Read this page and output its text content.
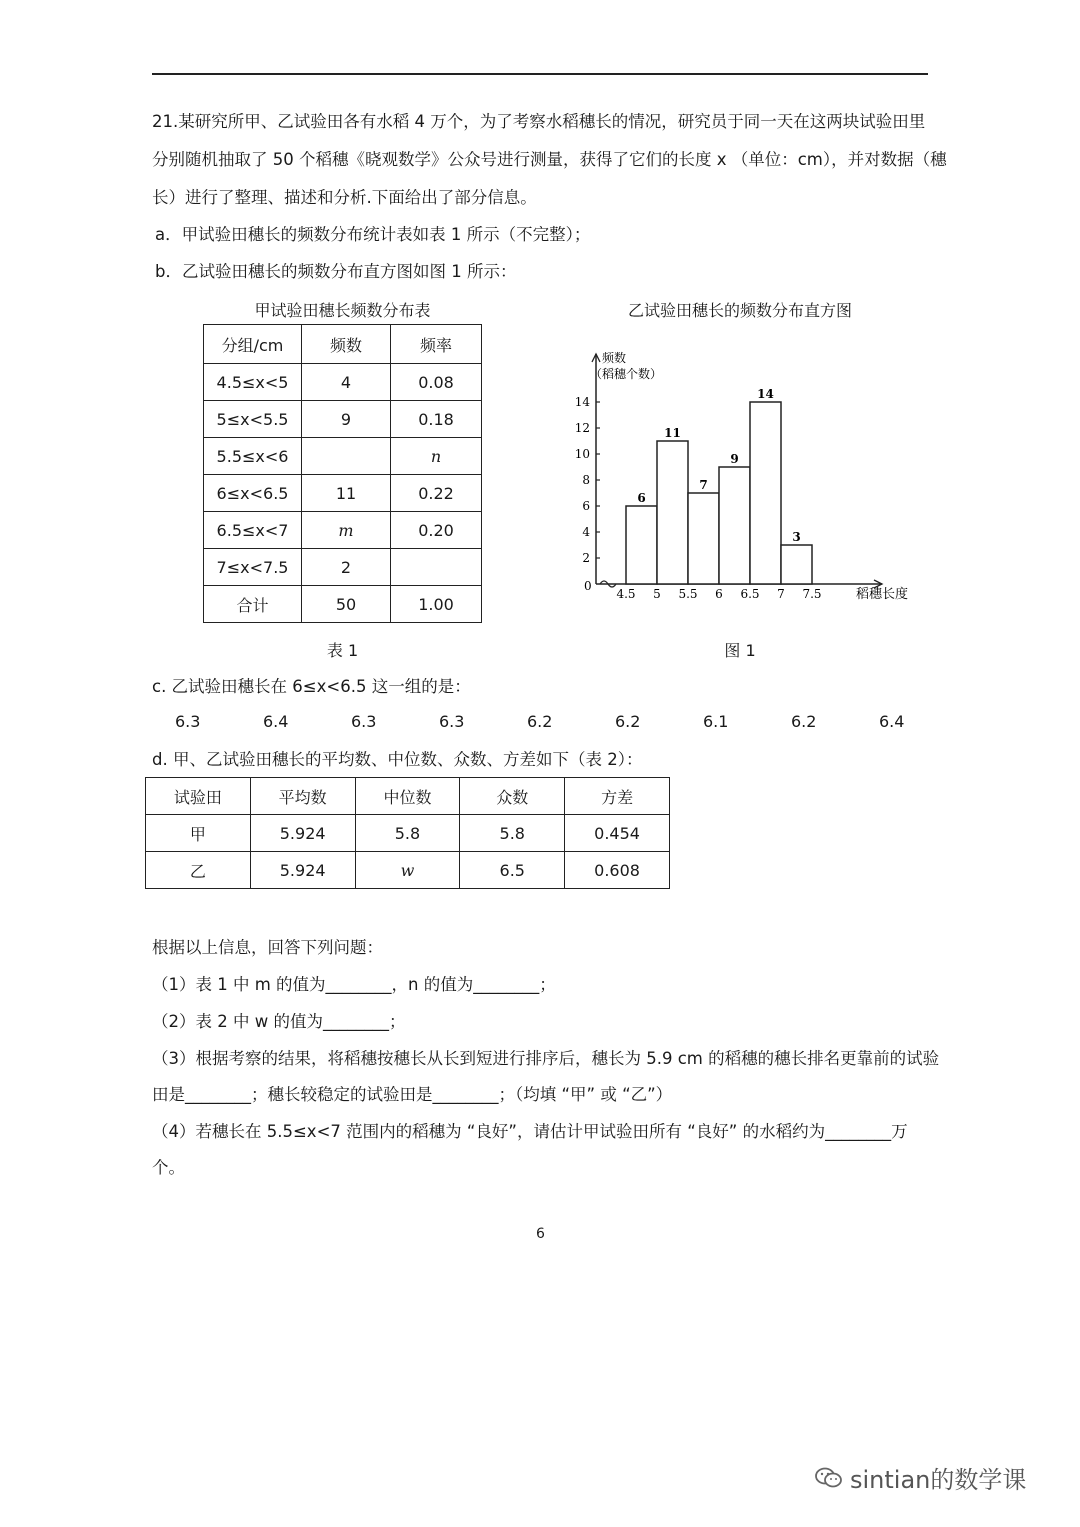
21.某研究所甲、乙试验田各有水稻 4 万个，为了考察水稻穗长的情况，研究员于同一天在这两块试验田里
分别随机抽取了 50 个稻穗《晓观数学》公众号进行测量，获得了它们的长度 x （单位：cm），并对数据（穗
长）进行了整理、描述和分析.下面给出了部分信息。
a．甲试验田穗长的频数分布统计表如表 1 所示（不完整）；
b．乙试验田穗长的频数分布直方图如图 1 所示：
甲试验田穗长频数分布表
分组/cm	频数	频率
4.5≤x<5	4	0.08
5≤x<5.5	9	0.18
5.5≤x<6		n
6≤x<6.5	11	0.22
6.5≤x<7	m	0.20
7≤x<7.5	2	
合计	50	1.00
表 1
乙试验田穗长的频数分布直方图
0
频数
（稻穗个数）
2
4
6
8
10
12
14
4.5 5 5.5 6 6.5 7 7.5	稻穗长度
6
11
7
9
14
3
图 1
c. 乙试验田穗长在 6≤x<6.5 这一组的是：
6.3	6.4	6.3	6.3	6.2	6.2	6.1	6.2	6.4
d. 甲、乙试验田穗长的平均数、中位数、众数、方差如下（表 2）：
试验田	平均数	中位数	众数	方差
甲	5.924	5.8	5.8	0.454
乙	5.924	w	6.5	0.608
根据以上信息，回答下列问题：
（1）表 1 中 m 的值为________，n 的值为________；
（2）表 2 中 w 的值为________；
（3）根据考察的结果，将稻穗按穗长从长到短进行排序后，穗长为 5.9 cm 的稻穗的穗长排名更靠前的试验
田是________；穗长较稳定的试验田是________；（均填 “甲” 或 “乙”）
（4）若穗长在 5.5≤x<7 范围内的稻穗为 “良好”，请估计甲试验田所有 “良好” 的水稻约为________万
个。
6
sintian的数学课
